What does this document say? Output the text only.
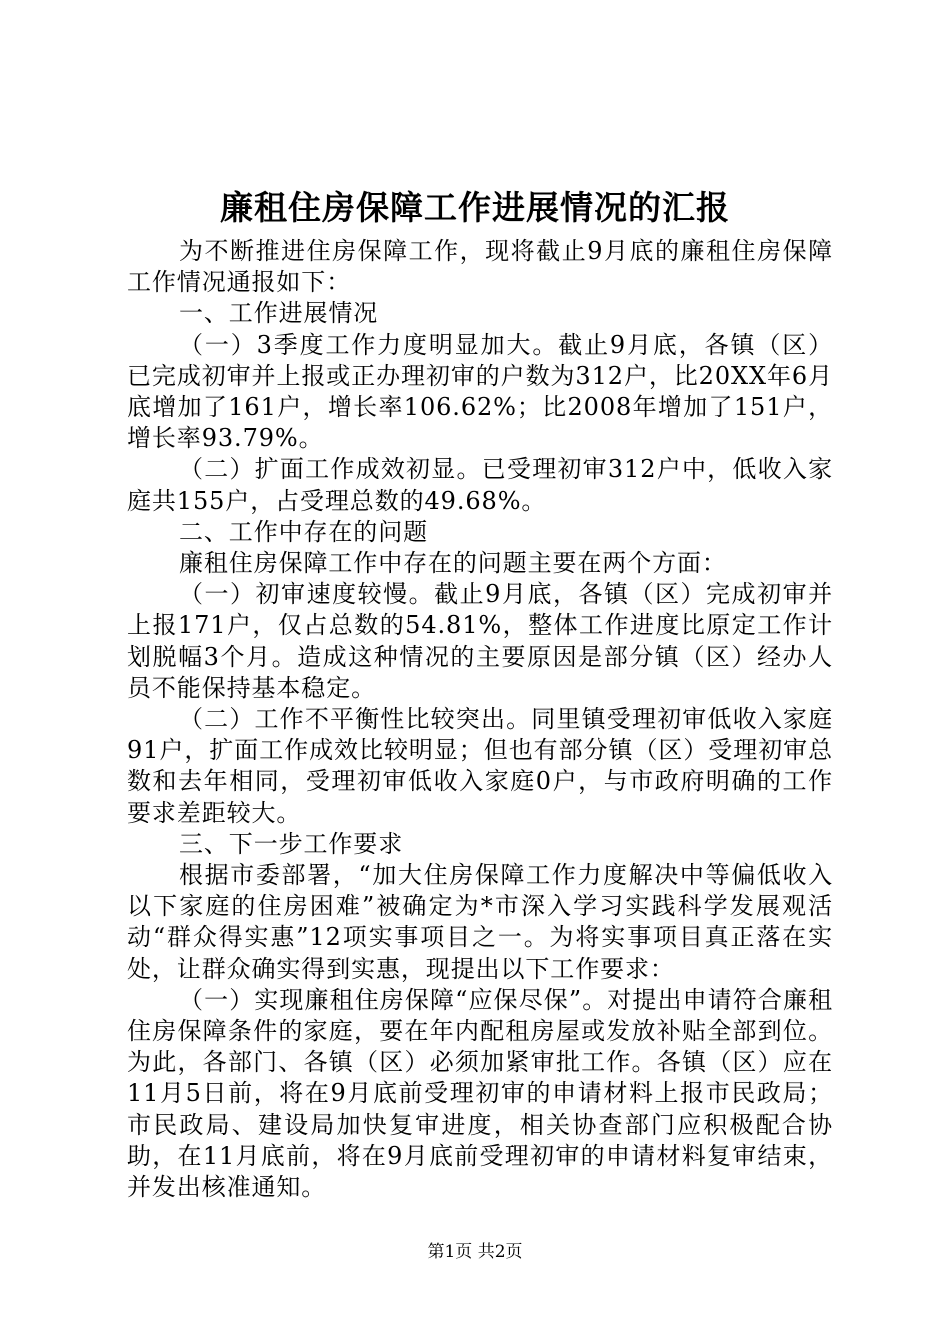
廉租住房保障工作进展情况的汇报

为不断推进住房保障工作，现将截止9月底的廉租住房保障工作情况通报如下：

一、工作进展情况

（一）3季度工作力度明显加大。截止9月底，各镇（区）已完成初审并上报或正办理初审的户数为312户，比20XX年6月底增加了161户，增长率106.62%；比2008年增加了151户，增长率93.79%。

（二）扩面工作成效初显。已受理初审312户中，低收入家庭共155户，占受理总数的49.68%。

二、工作中存在的问题

廉租住房保障工作中存在的问题主要在两个方面：

（一）初审速度较慢。截止9月底，各镇（区）完成初审并上报171户，仅占总数的54.81%，整体工作进度比原定工作计划脱幅3个月。造成这种情况的主要原因是部分镇（区）经办人员不能保持基本稳定。

（二）工作不平衡性比较突出。同里镇受理初审低收入家庭91户，扩面工作成效比较明显；但也有部分镇（区）受理初审总数和去年相同，受理初审低收入家庭0户，与市政府明确的工作要求差距较大。

三、下一步工作要求

根据市委部署，“加大住房保障工作力度解决中等偏低收入以下家庭的住房困难”被确定为*市深入学习实践科学发展观活动“群众得实惠”12项实事项目之一。为将实事项目真正落在实处，让群众确实得到实惠，现提出以下工作要求：

（一）实现廉租住房保障“应保尽保”。对提出申请符合廉租住房保障条件的家庭，要在年内配租房屋或发放补贴全部到位。为此，各部门、各镇（区）必须加紧审批工作。各镇（区）应在11月5日前，将在9月底前受理初审的申请材料上报市民政局；市民政局、建设局加快复审进度，相关协查部门应积极配合协助，在11月底前，将在9月底前受理初审的申请材料复审结束，并发出核准通知。

第1页 共2页
